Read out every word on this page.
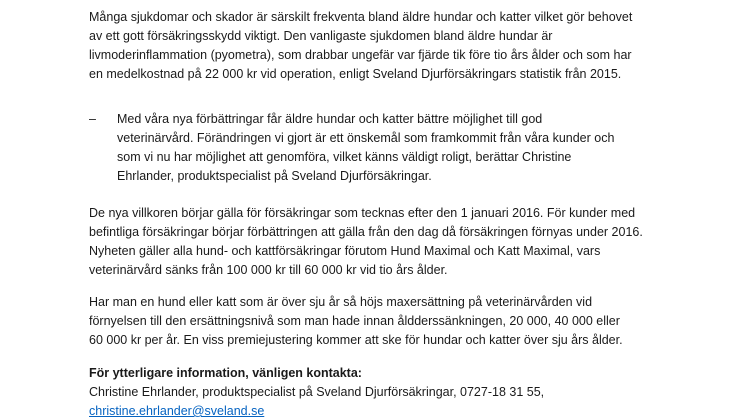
Många sjukdomar och skador är särskilt frekventa bland äldre hundar och katter vilket gör behovet
av ett gott försäkringsskydd viktigt. Den vanligaste sjukdomen bland äldre hundar är
livmoderinflammation (pyometra), som drabbar ungefär var fjärde tik före tio års ålder och som har
en medelkostnad på 22 000 kr vid operation, enligt Sveland Djurförsäkringars statistik från 2015.

–	Med våra nya förbättringar får äldre hundar och katter bättre möjlighet till god
veterinärvård. Förändringen vi gjort är ett önskemål som framkommit från våra kunder och
som vi nu har möjlighet att genomföra, vilket känns väldigt roligt, berättar Christine
Ehrlander, produktspecialist på Sveland Djurförsäkringar.

De nya villkoren börjar gälla för försäkringar som tecknas efter den 1 januari 2016. För kunder med
befintliga försäkringar börjar förbättringen att gälla från den dag då försäkringen förnyas under 2016.
Nyheten gäller alla hund- och kattförsäkringar förutom Hund Maximal och Katt Maximal, vars
veterinärvård sänks från 100 000 kr till 60 000 kr vid tio års ålder.

Har man en hund eller katt som är över sju år så höjs maxersättning på veterinärvården vid
förnyelsen till den ersättningsnivå som man hade innan åldderssänkningen, 20 000, 40 000 eller
60 000 kr per år. En viss premiejustering kommer att ske för hundar och katter över sju års ålder.

För ytterligare information, vänligen kontakta:
Christine Ehrlander, produktspecialist på Sveland Djurförsäkringar, 0727-18 31 55,
christine.ehrlander@sveland.se
